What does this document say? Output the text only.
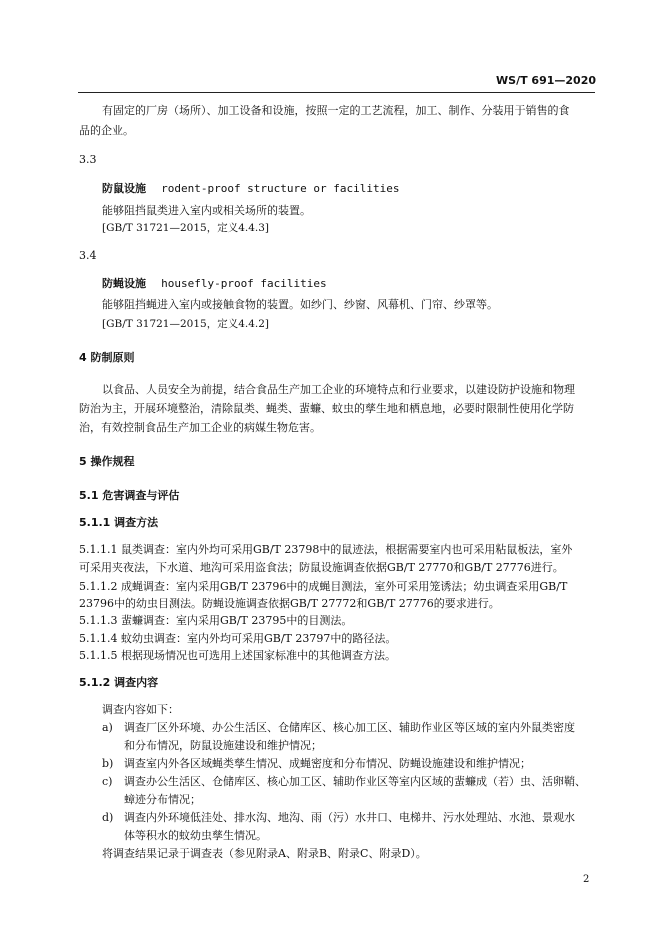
WS/T 691—2020
有固定的厂房（场所）、加工设备和设施，按照一定的工艺流程，加工、制作、分装用于销售的食
品的企业。
3.3
防鼠设施 rodent-proof structure or facilities
能够阻挡鼠类进入室内或相关场所的装置。
[GB/T 31721—2015，定义4.4.3]
3.4
防蝇设施 housefly-proof facilities
能够阻挡蝇进入室内或接触食物的装置。如纱门、纱窗、风幕机、门帘、纱罩等。
[GB/T 31721—2015，定义4.4.2]
4 防制原则
以食品、人员安全为前提，结合食品生产加工企业的环境特点和行业要求，以建设防护设施和物理
防治为主，开展环境整治，清除鼠类、蝇类、蜚蠊、蚊虫的孳生地和栖息地，必要时限制性使用化学防
治，有效控制食品生产加工企业的病媒生物危害。
5 操作规程
5.1 危害调查与评估
5.1.1 调查方法
5.1.1.1 鼠类调查：室内外均可采用GB/T 23798中的鼠迹法，根据需要室内也可采用粘鼠板法，室外
可采用夹夜法，下水道、地沟可采用盗食法；防鼠设施调查依据GB/T 27770和GB/T 27776进行。
5.1.1.2 成蝇调查：室内采用GB/T 23796中的成蝇目测法，室外可采用笼诱法；幼虫调查采用GB/T
23796中的幼虫目测法。防蝇设施调查依据GB/T 27772和GB/T 27776的要求进行。
5.1.1.3 蜚蠊调查：室内采用GB/T 23795中的目测法。
5.1.1.4 蚊幼虫调查：室内外均可采用GB/T 23797中的路径法。
5.1.1.5 根据现场情况也可选用上述国家标准中的其他调查方法。
5.1.2 调查内容
调查内容如下：
a) 调查厂区外环境、办公生活区、仓储库区、核心加工区、辅助作业区等区域的室内外鼠类密度
和分布情况，防鼠设施建设和维护情况；
b) 调查室内外各区域蝇类孳生情况、成蝇密度和分布情况、防蝇设施建设和维护情况；
c) 调查办公生活区、仓储库区、核心加工区、辅助作业区等室内区域的蜚蠊成（若）虫、活卵鞘、
蟑迹分布情况；
d) 调查内外环境低洼处、排水沟、地沟、雨（污）水井口、电梯井、污水处理站、水池、景观水
体等积水的蚊幼虫孳生情况。
将调查结果记录于调查表（参见附录A、附录B、附录C、附录D）。
2
